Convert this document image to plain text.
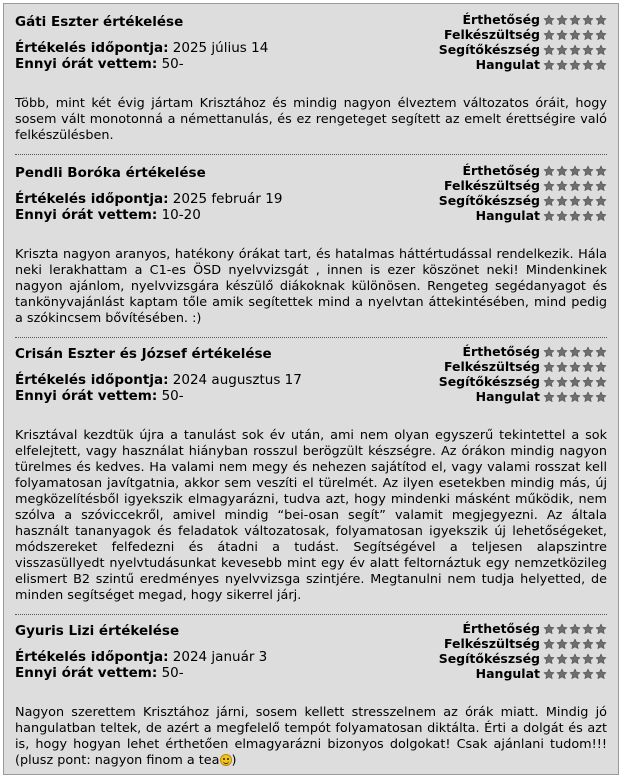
Gáti Eszter értékelése
Értékelés időpontja: 2025 július 14
Ennyi órát vettem: 50-
Érthetőség
Felkészültség
Segítőkészség
Hangulat

Több, mint két évig jártam Krisztához és mindig nagyon élveztem változatos óráit, hogy sosem vált monotonná a némettanulás, és ez rengeteget segített az emelt érettségire való felkészülésben.

Pendli Boróka értékelése
Értékelés időpontja: 2025 február 19
Ennyi órát vettem: 10-20
Érthetőség
Felkészültség
Segítőkészség
Hangulat

Kriszta nagyon aranyos, hatékony órákat tart, és hatalmas háttértudással rendelkezik. Hála neki lerakhattam a C1-es ÖSD nyelvvizsgát , innen is ezer köszönet neki! Mindenkinek nagyon ajánlom, nyelvvizsgára készülő diákoknak különösen. Rengeteg segédanyagot és tankönyvajánlást kaptam tőle amik segítettek mind a nyelvtan áttekintésében, mind pedig a szókincsem bővítésében. :)

Crisán Eszter és József értékelése
Értékelés időpontja: 2024 augusztus 17
Ennyi órát vettem: 50-
Érthetőség
Felkészültség
Segítőkészség
Hangulat

Krisztával kezdtük újra a tanulást sok év után, ami nem olyan egyszerű tekintettel a sok elfelejtett, vagy használat hiányban rosszul berögzült készségre. Az órákon mindig nagyon türelmes és kedves. Ha valami nem megy és nehezen sajátítod el, vagy valami rosszat kell folyamatosan javítgatnia, akkor sem veszíti el türelmét. Az ilyen esetekben mindig más, új megközelítésből igyekszik elmagyarázni, tudva azt, hogy mindenki másként működik, nem szólva a szóviccekről, amivel mindig “bei-osan segít” valamit megjegyezni. Az általa használt tananyagok és feladatok változatosak, folyamatosan igyekszik új lehetőségeket, módszereket felfedezni és átadni a tudást. Segítségével a teljesen alapszintre visszasüllyedt nyelvtudásunkat kevesebb mint egy év alatt feltornáztuk egy nemzetközileg elismert B2 szintű eredményes nyelvvizsga szintjére. Megtanulni nem tudja helyetted, de minden segítséget megad, hogy sikerrel járj.

Gyuris Lizi értékelése
Értékelés időpontja: 2024 január 3
Ennyi órát vettem: 50-
Érthetőség
Felkészültség
Segítőkészség
Hangulat

Nagyon szerettem Krisztához járni, sosem kellett stresszelnem az órák miatt. Mindig jó hangulatban teltek, de azért a megfelelő tempót folyamatosan diktálta. Érti a dolgát és azt is, hogy hogyan lehet érthetően elmagyarázni bizonyos dolgokat! Csak ajánlani tudom!!! (plusz pont: nagyon finom a tea )
